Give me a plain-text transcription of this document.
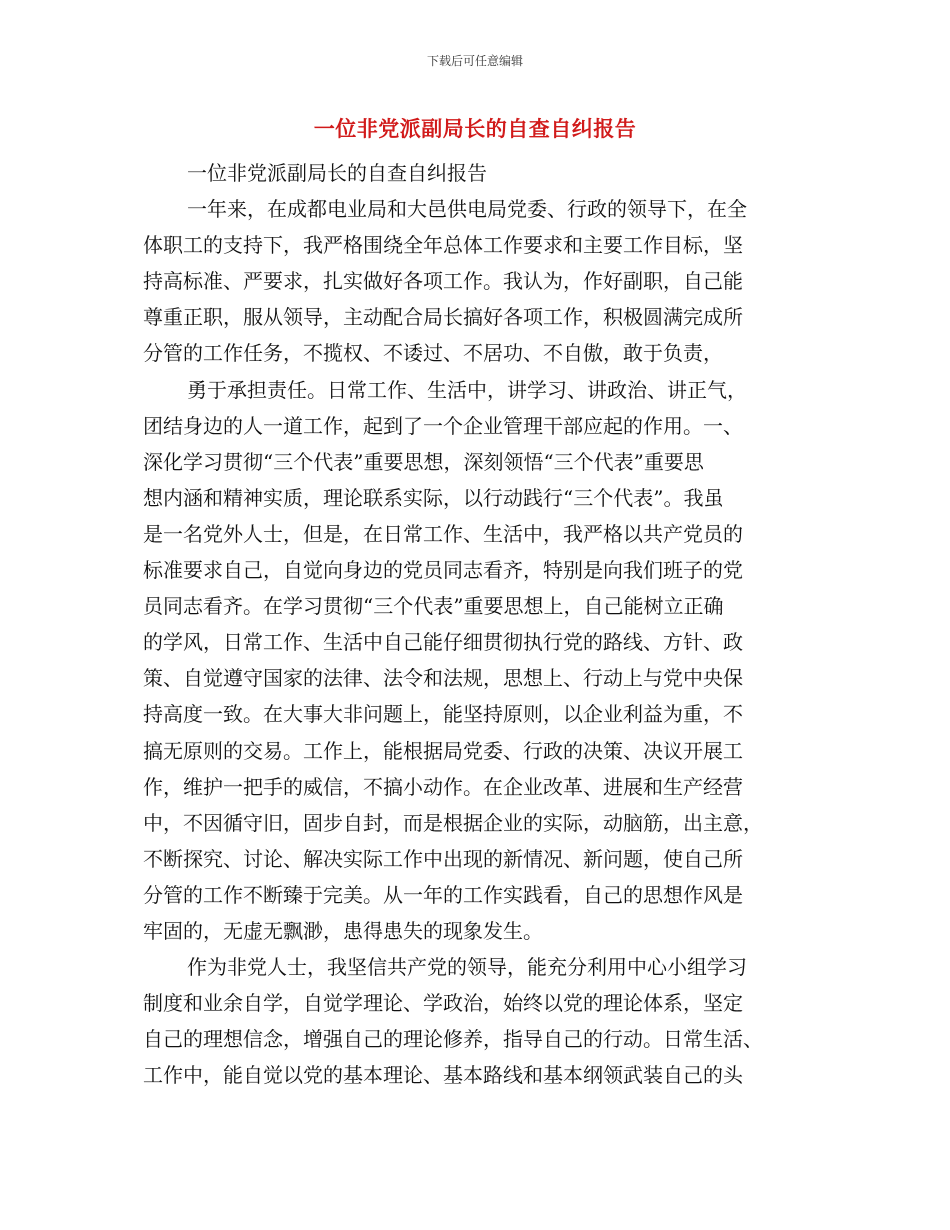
下载后可任意编辑
一位非党派副局长的自查自纠报告
一位非党派副局长的自查自纠报告
一年来，在成都电业局和大邑供电局党委、行政的领导下，在全
体职工的支持下，我严格围绕全年总体工作要求和主要工作目标，坚
持高标准、严要求，扎实做好各项工作。我认为，作好副职，自己能
尊重正职，服从领导，主动配合局长搞好各项工作，积极圆满完成所
分管的工作任务，不揽权、不诿过、不居功、不自傲，敢于负责，
勇于承担责任。日常工作、生活中，讲学习、讲政治、讲正气，
团结身边的人一道工作，起到了一个企业管理干部应起的作用。一、
深化学习贯彻“三个代表”重要思想，深刻领悟“三个代表”重要思
想内涵和精神实质，理论联系实际，以行动践行“三个代表”。我虽
是一名党外人士，但是，在日常工作、生活中，我严格以共产党员的
标准要求自己，自觉向身边的党员同志看齐，特别是向我们班子的党
员同志看齐。在学习贯彻“三个代表”重要思想上，自己能树立正确
的学风，日常工作、生活中自己能仔细贯彻执行党的路线、方针、政
策、自觉遵守国家的法律、法令和法规，思想上、行动上与党中央保
持高度一致。在大事大非问题上，能坚持原则，以企业利益为重，不
搞无原则的交易。工作上，能根据局党委、行政的决策、决议开展工
作，维护一把手的威信，不搞小动作。在企业改革、进展和生产经营
中，不因循守旧，固步自封，而是根据企业的实际，动脑筋，出主意，
不断探究、讨论、解决实际工作中出现的新情况、新问题，使自己所
分管的工作不断臻于完美。从一年的工作实践看，自己的思想作风是
牢固的，无虚无飘渺，患得患失的现象发生。
作为非党人士，我坚信共产党的领导，能充分利用中心小组学习
制度和业余自学，自觉学理论、学政治，始终以党的理论体系，坚定
自己的理想信念，增强自己的理论修养，指导自己的行动。日常生活、
工作中，能自觉以党的基本理论、基本路线和基本纲领武装自己的头
